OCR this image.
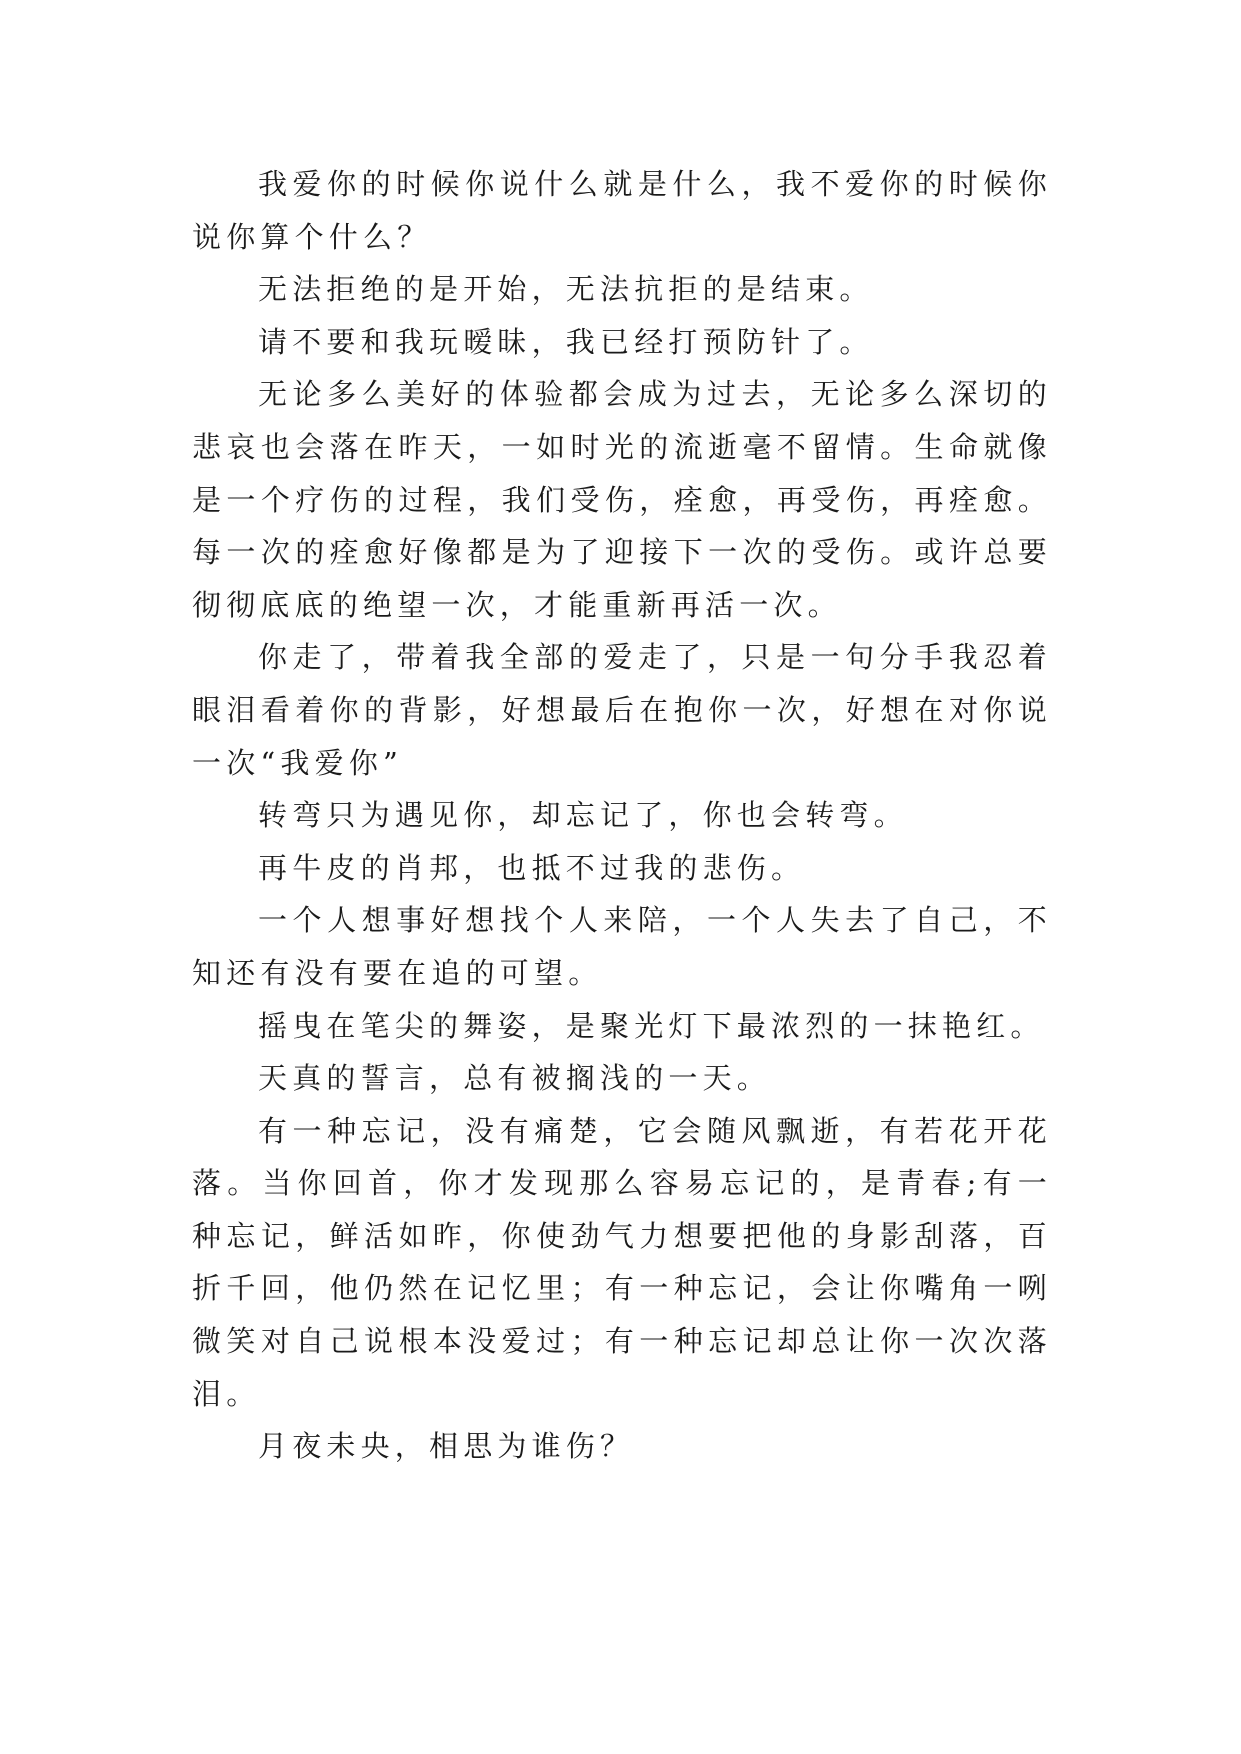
我爱你的时候你说什么就是什么，我不爱你的时候你说你算个什么？

无法拒绝的是开始，无法抗拒的是结束。

请不要和我玩暧昧，我已经打预防针了。

无论多么美好的体验都会成为过去，无论多么深切的悲哀也会落在昨天，一如时光的流逝毫不留情。生命就像是一个疗伤的过程，我们受伤，痊愈，再受伤，再痊愈。每一次的痊愈好像都是为了迎接下一次的受伤。或许总要彻彻底底的绝望一次，才能重新再活一次。

你走了，带着我全部的爱走了，只是一句分手我忍着眼泪看着你的背影，好想最后在抱你一次，好想在对你说一次“我爱你”

转弯只为遇见你，却忘记了，你也会转弯。

再牛皮的肖邦，也抵不过我的悲伤。

一个人想事好想找个人来陪，一个人失去了自己，不知还有没有要在追的可望。

摇曳在笔尖的舞姿，是聚光灯下最浓烈的一抹艳红。

天真的誓言，总有被搁浅的一天。

有一种忘记，没有痛楚，它会随风飘逝，有若花开花落。当你回首，你才发现那么容易忘记的，是青春;有一种忘记，鲜活如昨，你使劲气力想要把他的身影刮落，百折千回，他仍然在记忆里；有一种忘记，会让你嘴角一咧微笑对自己说根本没爱过；有一种忘记却总让你一次次落泪。

月夜未央，相思为谁伤？
